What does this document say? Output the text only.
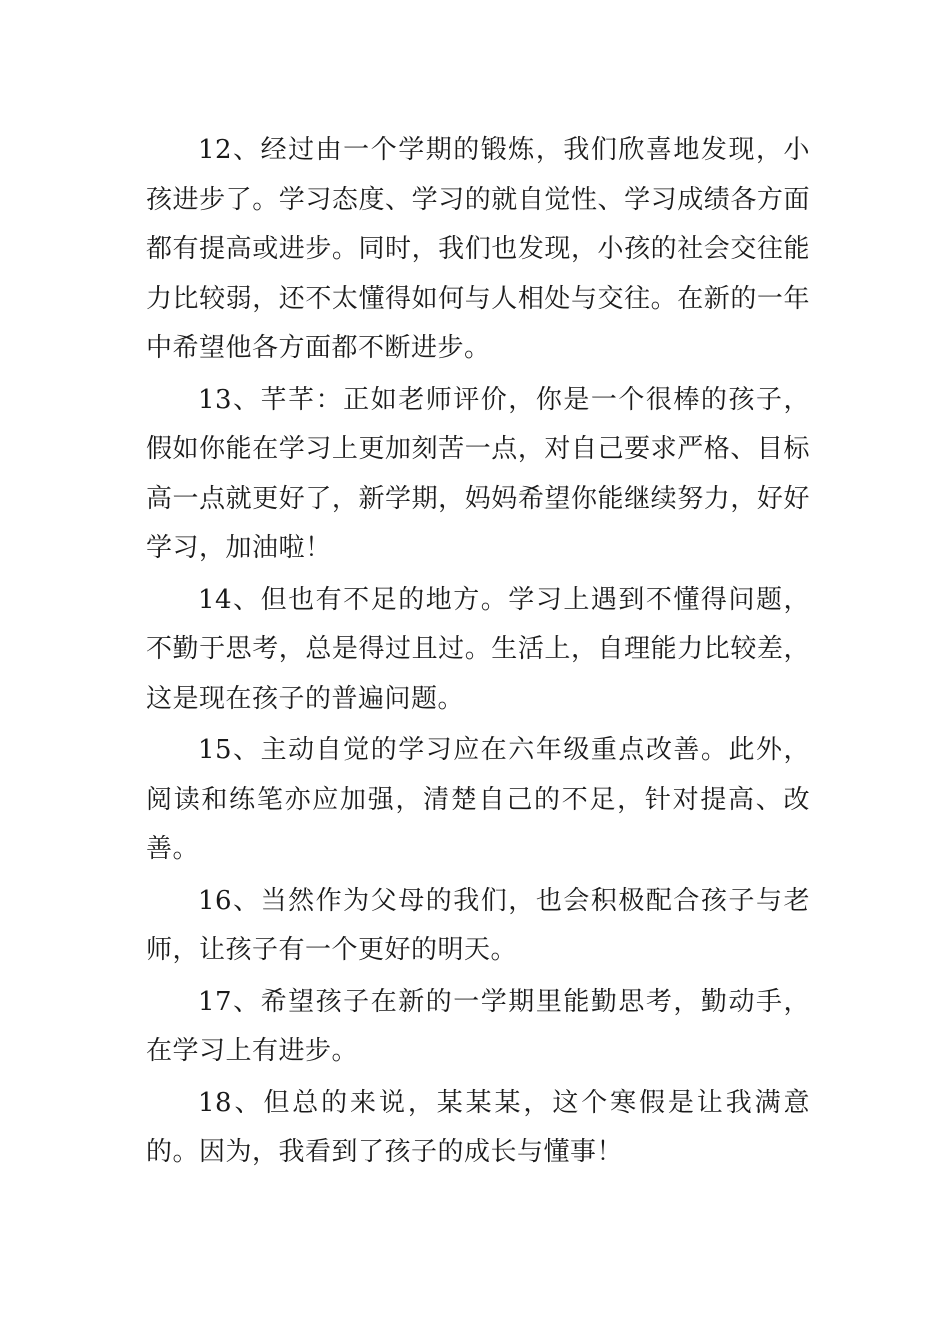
12、经过由一个学期的锻炼，我们欣喜地发现，小孩进步了。学习态度、学习的就自觉性、学习成绩各方面都有提高或进步。同时，我们也发现，小孩的社会交往能力比较弱，还不太懂得如何与人相处与交往。在新的一年中希望他各方面都不断进步。

13、芊芊：正如老师评价，你是一个很棒的孩子，假如你能在学习上更加刻苦一点，对自己要求严格、目标高一点就更好了，新学期，妈妈希望你能继续努力，好好学习，加油啦！

14、但也有不足的地方。学习上遇到不懂得问题，不勤于思考，总是得过且过。生活上，自理能力比较差，这是现在孩子的普遍问题。

15、主动自觉的学习应在六年级重点改善。此外，阅读和练笔亦应加强，清楚自己的不足，针对提高、改善。

16、当然作为父母的我们，也会积极配合孩子与老师，让孩子有一个更好的明天。

17、希望孩子在新的一学期里能勤思考，勤动手，在学习上有进步。

18、但总的来说，某某某，这个寒假是让我满意的。因为，我看到了孩子的成长与懂事！
